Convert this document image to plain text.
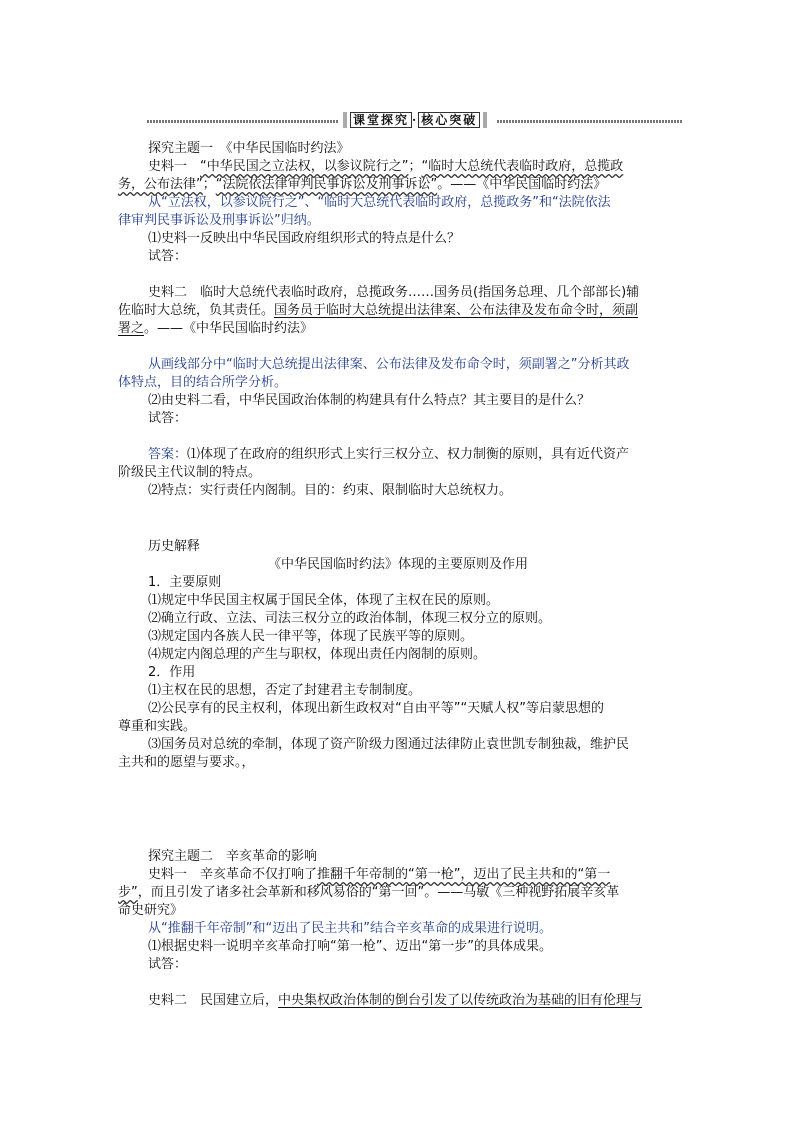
课堂探究 · 核心突破
探究主题一　《中华民国临时约法》
史料一　“中华民国之立法权，以参议院行之”；“临时大总统代表临时政府，总揽政
务，公布法律”；“法院依法律审判民事诉讼及刑事诉讼”。——《中华民国临时约法》
从“立法权，以参议院行之”、“临时大总统代表临时政府，总揽政务”和“法院依法
律审判民事诉讼及刑事诉讼”归纳。
⑴史料一反映出中华民国政府组织形式的特点是什么？
试答：
史料二　临时大总统代表临时政府，总揽政务……国务员(指国务总理、几个部部长)辅
佐临时大总统，负其责任。国务员于临时大总统提出法律案、公布法律及发布命令时，须副
署之。——《中华民国临时约法》
从画线部分中“临时大总统提出法律案、公布法律及发布命令时，须副署之”分析其政
体特点，目的结合所学分析。
⑵由史料二看，中华民国政治体制的构建具有什么特点？其主要目的是什么？
试答：
答案：⑴体现了在政府的组织形式上实行三权分立、权力制衡的原则，具有近代资产
阶级民主代议制的特点。
⑵特点：实行责任内阁制。目的：约束、限制临时大总统权力。
历史解释
《中华民国临时约法》体现的主要原则及作用
1．主要原则
⑴规定中华民国主权属于国民全体，体现了主权在民的原则。
⑵确立行政、立法、司法三权分立的政治体制，体现三权分立的原则。
⑶规定国内各族人民一律平等，体现了民族平等的原则。
⑷规定内阁总理的产生与职权，体现出责任内阁制的原则。
2．作用
⑴主权在民的思想，否定了封建君主专制制度。
⑵公民享有的民主权利，体现出新生政权对“自由平等”“天赋人权”等启蒙思想的
尊重和实践。
⑶国务员对总统的牵制，体现了资产阶级力图通过法律防止袁世凯专制独裁，维护民
主共和的愿望与要求。，
探究主题二　辛亥革命的影响
史料一　辛亥革命不仅打响了推翻千年帝制的“第一枪”，迈出了民主共和的“第一
步”，而且引发了诸多社会革新和移风易俗的“第一回”。——马敏《三种视野拓展辛亥革
命史研究》
从“推翻千年帝制”和“迈出了民主共和”结合辛亥革命的成果进行说明。
⑴根据史料一说明辛亥革命打响“第一枪”、迈出“第一步”的具体成果。
试答：
史料二　民国建立后，中央集权政治体制的倒台引发了以传统政治为基础的旧有伦理与
